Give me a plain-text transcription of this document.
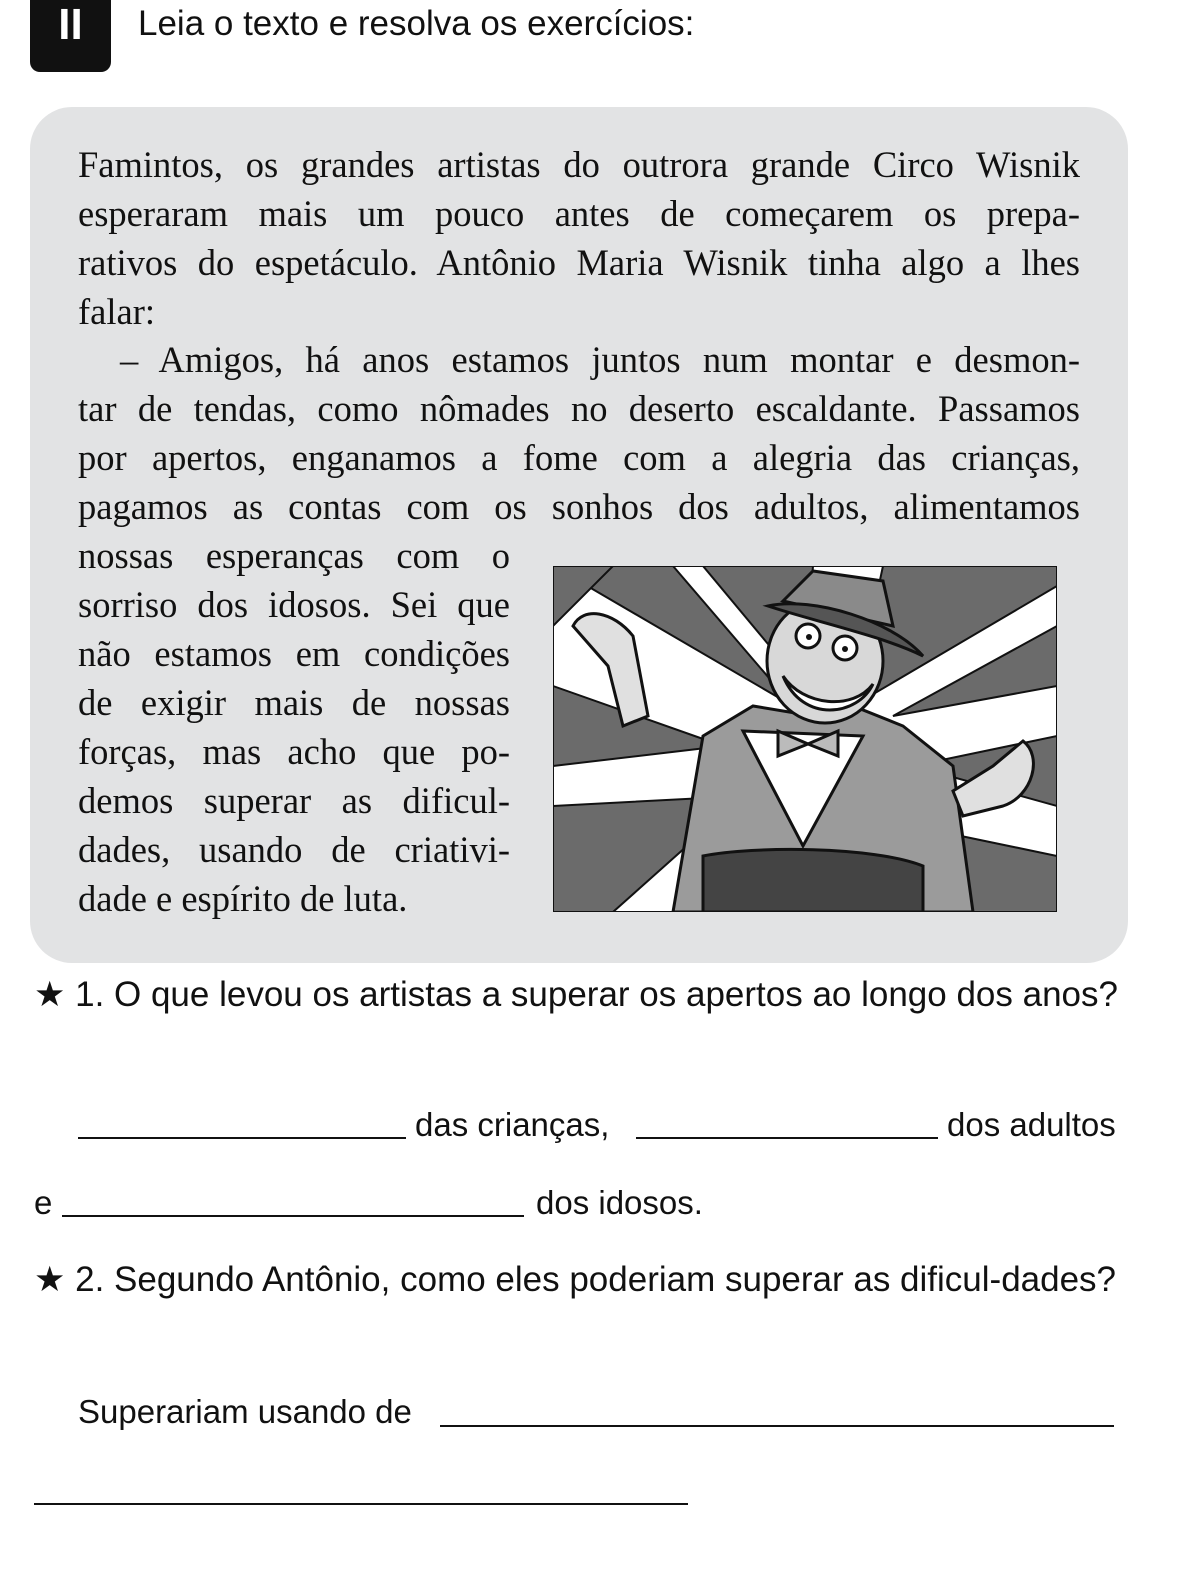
II Leia o texto e resolva os exercícios:
Famintos, os grandes artistas do outrora grande Circo Wisnik
esperaram mais um pouco antes de começarem os prepa-
rativos do espetáculo. Antônio Maria Wisnik tinha algo a lhes
falar:
– Amigos, há anos estamos juntos num montar e desmon-
tar de tendas, como nômades no deserto escaldante. Passamos
por apertos, enganamos a fome com a alegria das crianças,
pagamos as contas com os sonhos dos adultos, alimentamos
nossas esperanças com o
sorriso dos idosos. Sei que
não estamos em condições
de exigir mais de nossas
forças, mas acho que po-
demos superar as dificul-
dades, usando de criativi-
dade e espírito de luta.
★ 1. O que levou os artistas a superar os apertos ao longo dos anos?
das crianças,	dos adultos
e	dos idosos.
★ 2. Segundo Antônio, como eles poderiam superar as dificul-dades?
Superariam usando de
